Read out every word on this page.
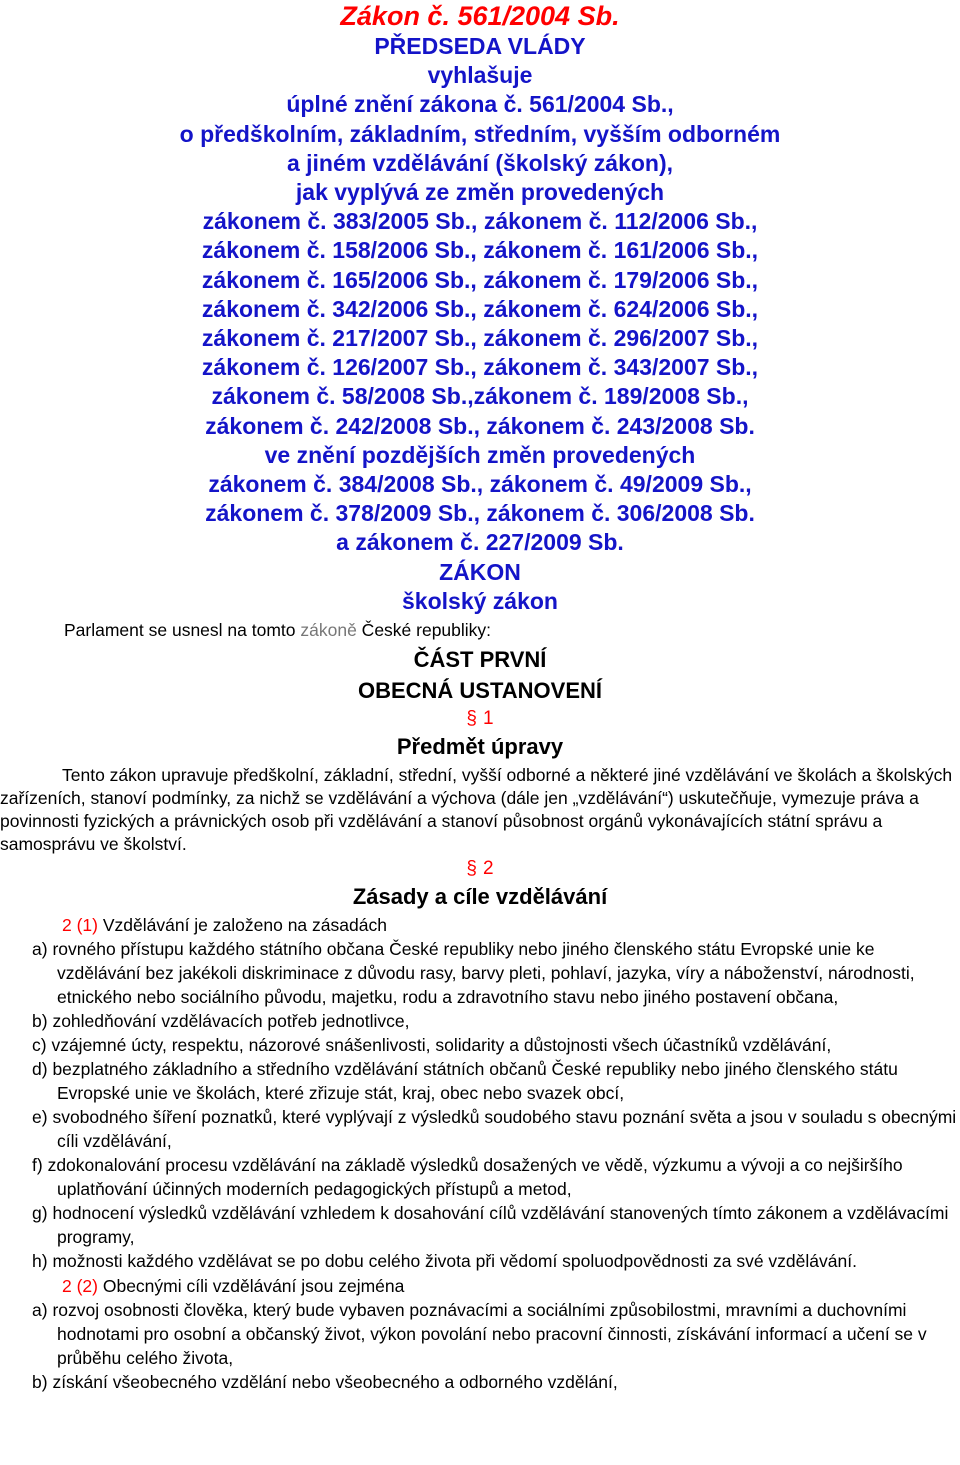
Zákon č. 561/2004 Sb.

PŘEDSEDA VLÁDY

vyhlašuje

úplné znění zákona č. 561/2004 Sb.,

o předškolním, základním, středním, vyšším odborném

a jiném vzdělávání (školský zákon),

jak vyplývá ze změn provedených

zákonem č. 383/2005 Sb., zákonem č. 112/2006 Sb.,

zákonem č. 158/2006 Sb., zákonem č. 161/2006 Sb.,

zákonem č. 165/2006 Sb., zákonem č. 179/2006 Sb.,

zákonem č. 342/2006 Sb., zákonem č. 624/2006 Sb.,

zákonem č. 217/2007 Sb., zákonem č. 296/2007 Sb.,

zákonem č. 126/2007 Sb., zákonem č. 343/2007 Sb.,

zákonem č. 58/2008 Sb.,zákonem č. 189/2008 Sb.,

zákonem č. 242/2008 Sb., zákonem č. 243/2008 Sb.

ve znění pozdějších změn provedených

zákonem č. 384/2008 Sb., zákonem č. 49/2009 Sb.,

zákonem č. 378/2009 Sb., zákonem č. 306/2008 Sb.

a zákonem č. 227/2009 Sb.

ZÁKON

školský zákon

Parlament se usnesl na tomto zákoně České republiky:

ČÁST PRVNÍ

OBECNÁ USTANOVENÍ

§ 1

Předmět úpravy

Tento zákon upravuje předškolní, základní, střední, vyšší odborné a některé jiné vzdělávání ve školách a školských zařízeních, stanoví podmínky, za nichž se vzdělávání a výchova (dále jen „vzdělávání“) uskutečňuje, vymezuje práva a povinnosti fyzických a právnických osob při vzdělávání a stanoví působnost orgánů vykonávajících státní správu a samosprávu ve školství.

§ 2

Zásady a cíle vzdělávání

2 (1) Vzdělávání je založeno na zásadách

a) rovného přístupu každého státního občana České republiky nebo jiného členského státu Evropské unie ke vzdělávání bez jakékoli diskriminace z důvodu rasy, barvy pleti, pohlaví, jazyka, víry a náboženství, národnosti, etnického nebo sociálního původu, majetku, rodu a zdravotního stavu nebo jiného postavení občana,
b) zohledňování vzdělávacích potřeb jednotlivce,
c) vzájemné úcty, respektu, názorové snášenlivosti, solidarity a důstojnosti všech účastníků vzdělávání,
d) bezplatného základního a středního vzdělávání státních občanů České republiky nebo jiného členského státu Evropské unie ve školách, které zřizuje stát, kraj, obec nebo svazek obcí,
e) svobodného šíření poznatků, které vyplývají z výsledků soudobého stavu poznání světa a jsou v souladu s obecnými cíli vzdělávání,
f) zdokonalování procesu vzdělávání na základě výsledků dosažených ve vědě, výzkumu a vývoji a co nejširšího uplatňování účinných moderních pedagogických přístupů a metod,
g) hodnocení výsledků vzdělávání vzhledem k dosahování cílů vzdělávání stanovených tímto zákonem a vzdělávacími programy,
h) možnosti každého vzdělávat se po dobu celého života při vědomí spoluodpovědnosti za své vzdělávání.

2 (2) Obecnými cíli vzdělávání jsou zejména

a) rozvoj osobnosti člověka, který bude vybaven poznávacími a sociálními způsobilostmi, mravními a duchovními hodnotami pro osobní a občanský život, výkon povolání nebo pracovní činnosti, získávání informací a učení se v průběhu celého života,
b) získání všeobecného vzdělání nebo všeobecného a odborného vzdělání,
